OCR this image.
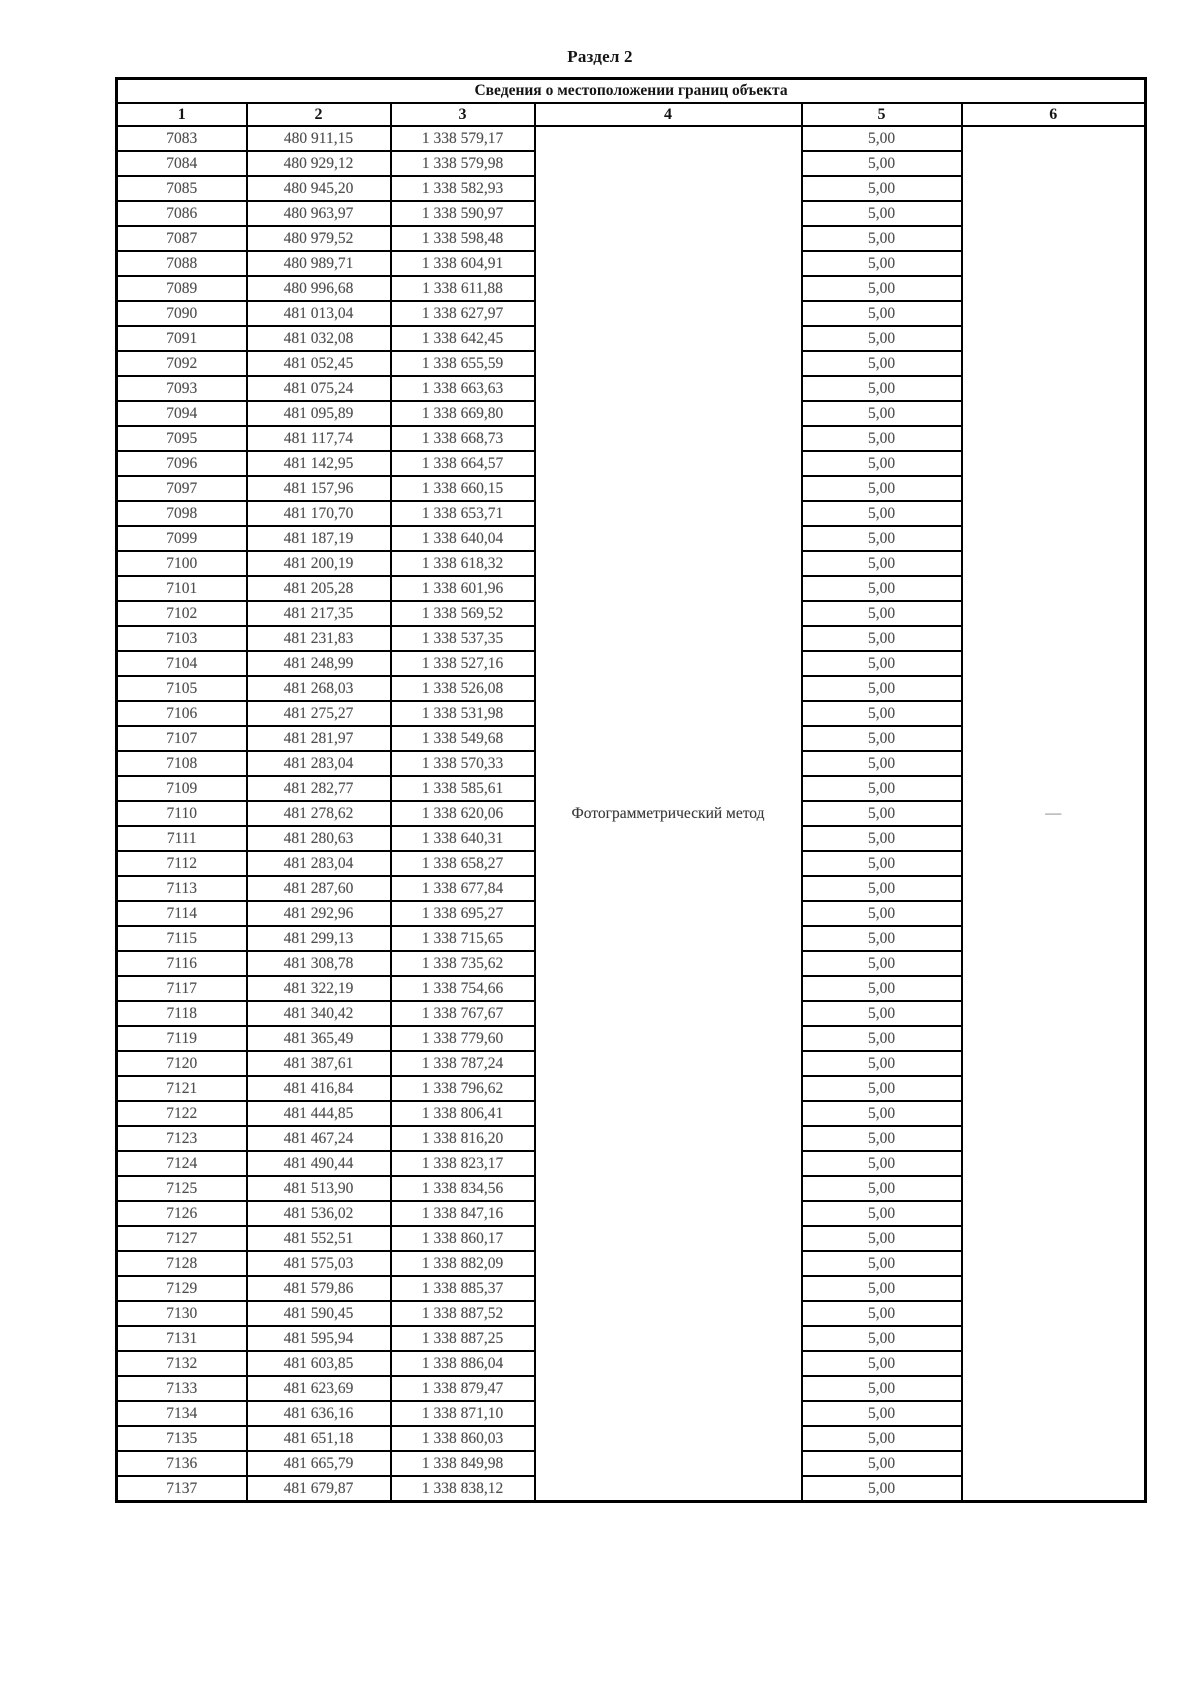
Раздел 2
Сведения о местоположении границ объекта					
1	2	3	4	5	6
7083	480 911,15	1 338 579,17	Фотограмметрический метод	5,00	—
7084	480 929,12	1 338 579,98		5,00	
7085	480 945,20	1 338 582,93		5,00	
7086	480 963,97	1 338 590,97		5,00	
7087	480 979,52	1 338 598,48		5,00	
7088	480 989,71	1 338 604,91		5,00	
7089	480 996,68	1 338 611,88		5,00	
7090	481 013,04	1 338 627,97		5,00	
7091	481 032,08	1 338 642,45		5,00	
7092	481 052,45	1 338 655,59		5,00	
7093	481 075,24	1 338 663,63		5,00	
7094	481 095,89	1 338 669,80		5,00	
7095	481 117,74	1 338 668,73		5,00	
7096	481 142,95	1 338 664,57		5,00	
7097	481 157,96	1 338 660,15		5,00	
7098	481 170,70	1 338 653,71		5,00	
7099	481 187,19	1 338 640,04		5,00	
7100	481 200,19	1 338 618,32		5,00	
7101	481 205,28	1 338 601,96		5,00	
7102	481 217,35	1 338 569,52		5,00	
7103	481 231,83	1 338 537,35		5,00	
7104	481 248,99	1 338 527,16		5,00	
7105	481 268,03	1 338 526,08		5,00	
7106	481 275,27	1 338 531,98		5,00	
7107	481 281,97	1 338 549,68		5,00	
7108	481 283,04	1 338 570,33		5,00	
7109	481 282,77	1 338 585,61		5,00	
7110	481 278,62	1 338 620,06		5,00	
7111	481 280,63	1 338 640,31		5,00	
7112	481 283,04	1 338 658,27		5,00	
7113	481 287,60	1 338 677,84		5,00	
7114	481 292,96	1 338 695,27		5,00	
7115	481 299,13	1 338 715,65		5,00	
7116	481 308,78	1 338 735,62		5,00	
7117	481 322,19	1 338 754,66		5,00	
7118	481 340,42	1 338 767,67		5,00	
7119	481 365,49	1 338 779,60		5,00	
7120	481 387,61	1 338 787,24		5,00	
7121	481 416,84	1 338 796,62		5,00	
7122	481 444,85	1 338 806,41		5,00	
7123	481 467,24	1 338 816,20		5,00	
7124	481 490,44	1 338 823,17		5,00	
7125	481 513,90	1 338 834,56		5,00	
7126	481 536,02	1 338 847,16		5,00	
7127	481 552,51	1 338 860,17		5,00	
7128	481 575,03	1 338 882,09		5,00	
7129	481 579,86	1 338 885,37		5,00	
7130	481 590,45	1 338 887,52		5,00	
7131	481 595,94	1 338 887,25		5,00	
7132	481 603,85	1 338 886,04		5,00	
7133	481 623,69	1 338 879,47		5,00	
7134	481 636,16	1 338 871,10		5,00	
7135	481 651,18	1 338 860,03		5,00	
7136	481 665,79	1 338 849,98		5,00	
7137	481 679,87	1 338 838,12		5,00	
